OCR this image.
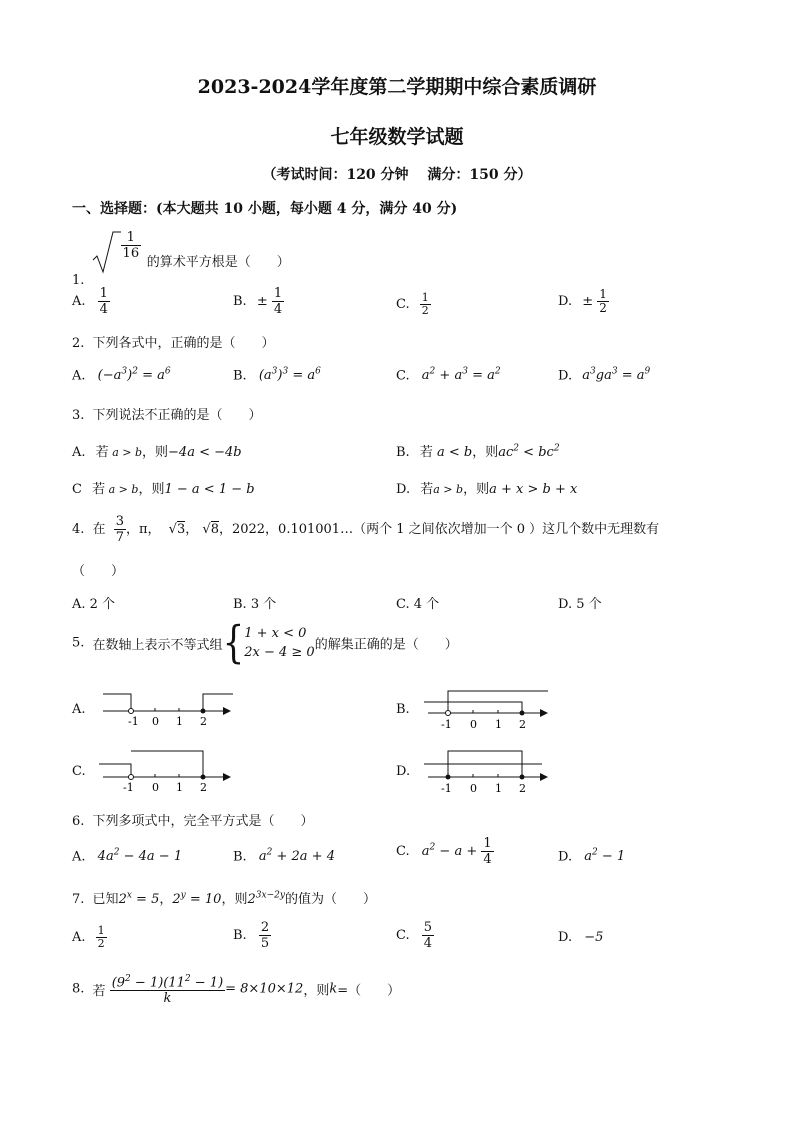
2023-2024学年度第二学期期中综合素质调研
七年级数学试题
（考试时间：120 分钟　 满分：150 分）
一、选择题：(本大题共 10 小题，每小题 4 分，满分 40 分)
1.
$\frac{1}{16}$
的算术平方根是（　　）
A. $\frac{1}{4}$	B. ± $\frac{1}{4}$	C. $\frac{1}{2}$	D. ± $\frac{1}{2}$
2. 下列各式中，正确的是（　　）
A. $(-a^3)^2 = a^6$	B. $(a^3)^3 = a^6$	C. $a^2 + a^3 = a^2$	D. $a^3ga^3 = a^9$
3. 下列说法不正确的是（　　）
A. 若 a > b，则−4a < −4b	B. 若 a < b，则$ac^2 < bc^2$
C 若 a > b，则1 − a < 1 − b	D. 若a > b，则a + x > b + x
4. 在 $\frac{3}{7}$ ，π， √3， √8，2022，0.101001…（两个 1 之间依次增加一个 0 ）这几个数中无理数有
（　　）
A. 2 个	B. 3 个	C. 4 个	D. 5 个
5. 在数轴上表示不等式组{1 + x < 0
2x − 4 ≥ 0的解集正确的是（　　）
A.	B.
C.	D.
-1 0 1 2	-1 0 1 2
-1 0 1 2	-1 0 1 2
6. 下列多项式中，完全平方式是（　　）
A. $4a^2 - 4a - 1$	B. $a^2 + 2a + 4$	C. $a^2 - a + \frac{1}{4}$	D. $a^2 - 1$
7. 已知$2^x = 5$，$2^y = 10$，则$2^{3x-2y}$的值为（　　）
A. $\frac{1}{2}$	B. $\frac{2}{5}$	C. $\frac{5}{4}$	D. −5
8. 若 $\frac{(9^2 - 1)(11^2 - 1)}{k} = 8\times 10\times 12$，则k=（　　）
